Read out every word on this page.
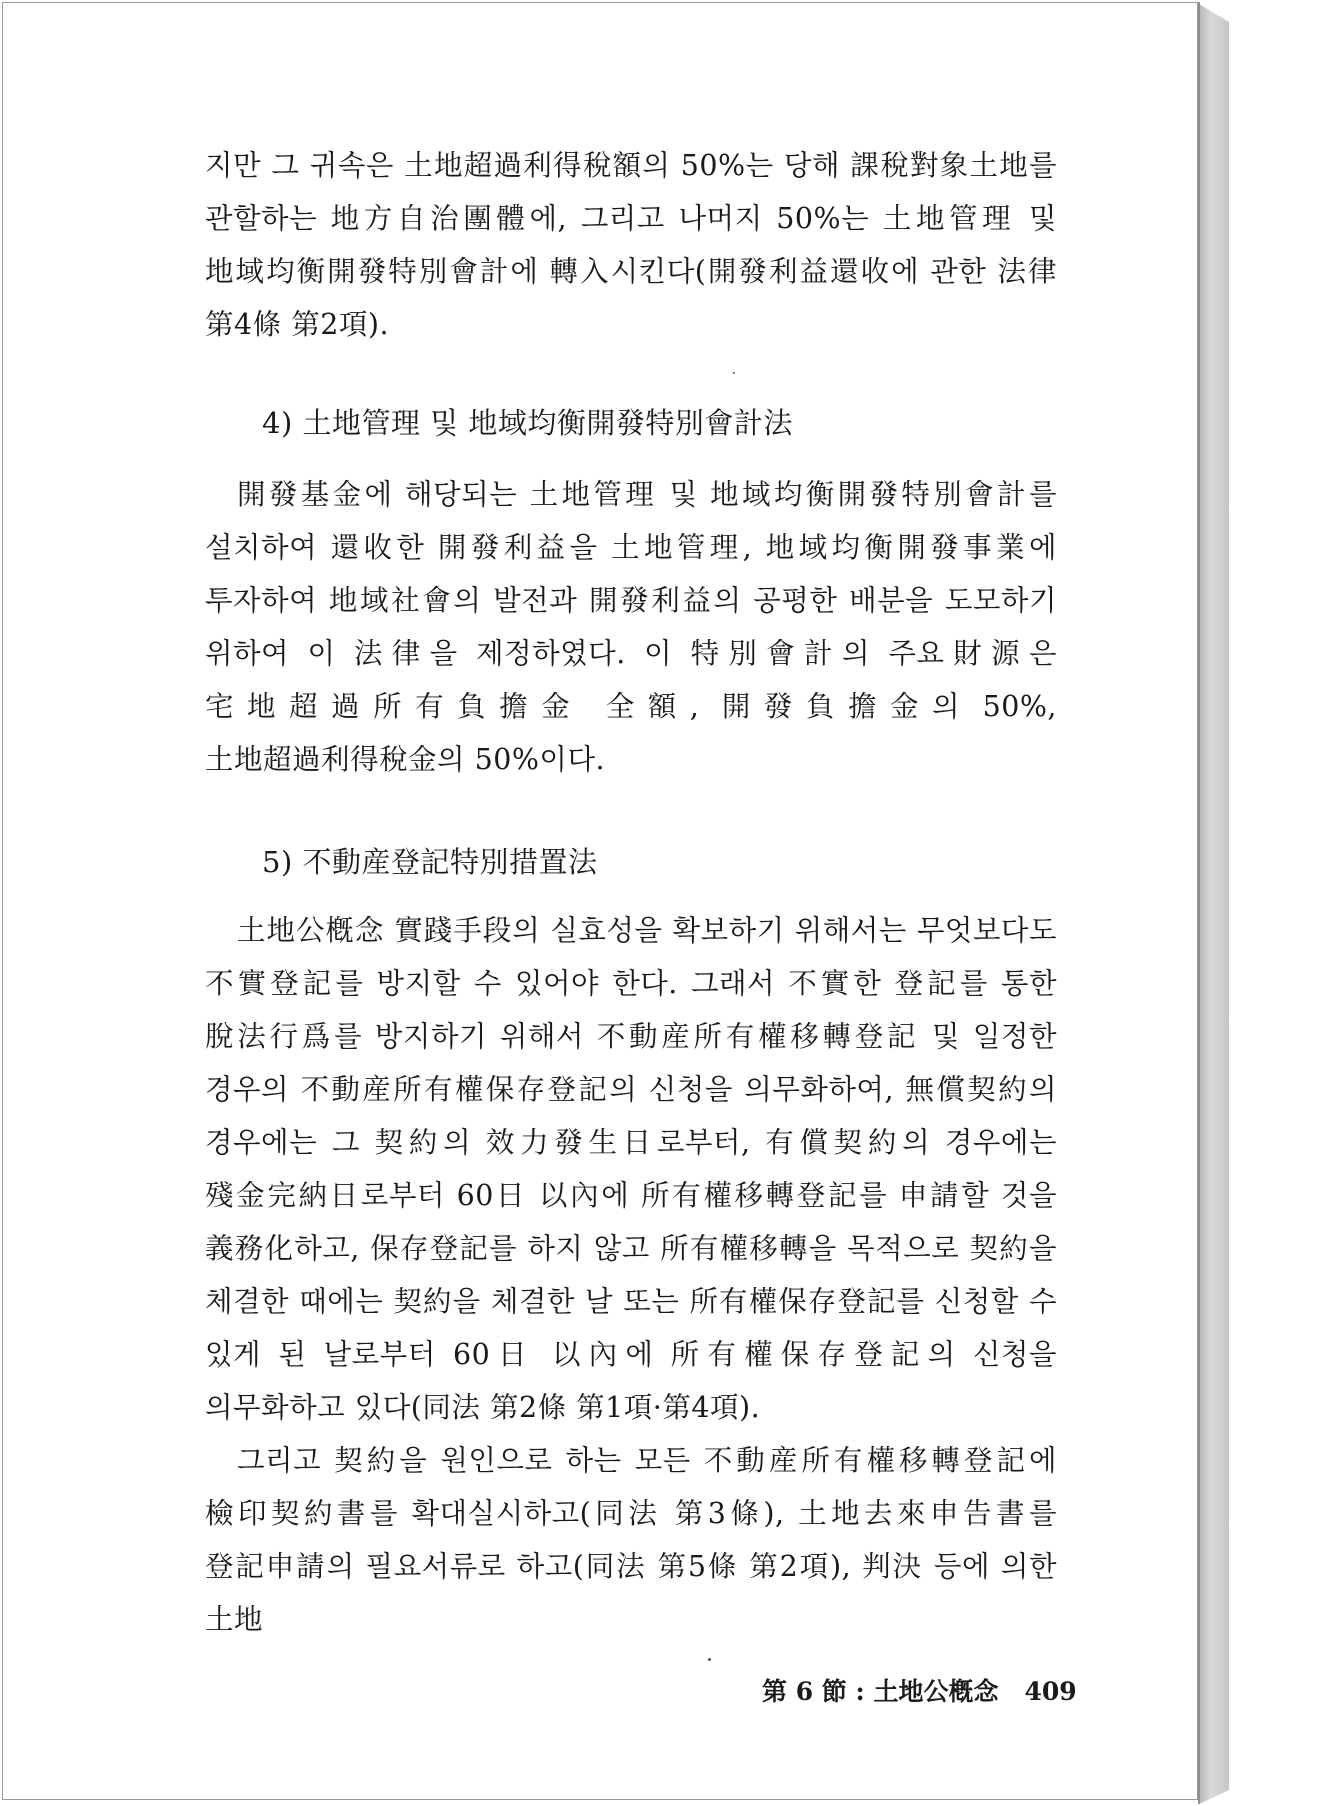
지만 그 귀속은 土地超過利得稅額의 50%는 당해 課稅對象土地를 관할하는 地方自治團體에, 그리고 나머지 50%는 土地管理 및 地域均衡開發特別會計에 轉入시킨다(開發利益還收에 관한 法律 第4條 第2項).

4) 土地管理 및 地域均衡開發特別會計法

開發基金에 해당되는 土地管理 및 地域均衡開發特別會計를 설치하여 還收한 開發利益을 土地管理, 地域均衡開發事業에 투자하여 地域社會의 발전과 開發利益의 공평한 배분을 도모하기 위하여 이 法律을 제정하였다. 이 特別會計의 주요財源은 宅地超過所有負擔金 全額, 開發負擔金의 50%, 土地超過利得稅金의 50%이다.

5) 不動産登記特別措置法

土地公槪念 實踐手段의 실효성을 확보하기 위해서는 무엇보다도 不實登記를 방지할 수 있어야 한다. 그래서 不實한 登記를 통한 脫法行爲를 방지하기 위해서 不動産所有權移轉登記 및 일정한 경우의 不動産所有權保存登記의 신청을 의무화하여, 無償契約의 경우에는 그 契約의 效力發生日로부터, 有償契約의 경우에는 殘金完納日로부터 60日 以內에 所有權移轉登記를 申請할 것을 義務化하고, 保存登記를 하지 않고 所有權移轉을 목적으로 契約을 체결한 때에는 契約을 체결한 날 또는 所有權保存登記를 신청할 수 있게 된 날로부터 60日 以內에 所有權保存登記의 신청을 의무화하고 있다(同法 第2條 第1項·第4項).

그리고 契約을 원인으로 하는 모든 不動産所有權移轉登記에 檢印契約書를 확대실시하고(同法 第3條), 土地去來申告書를 登記申請의 필요서류로 하고(同法 第5條 第2項), 判決 등에 의한 土地

第 6 節 : 土地公槪念 409
